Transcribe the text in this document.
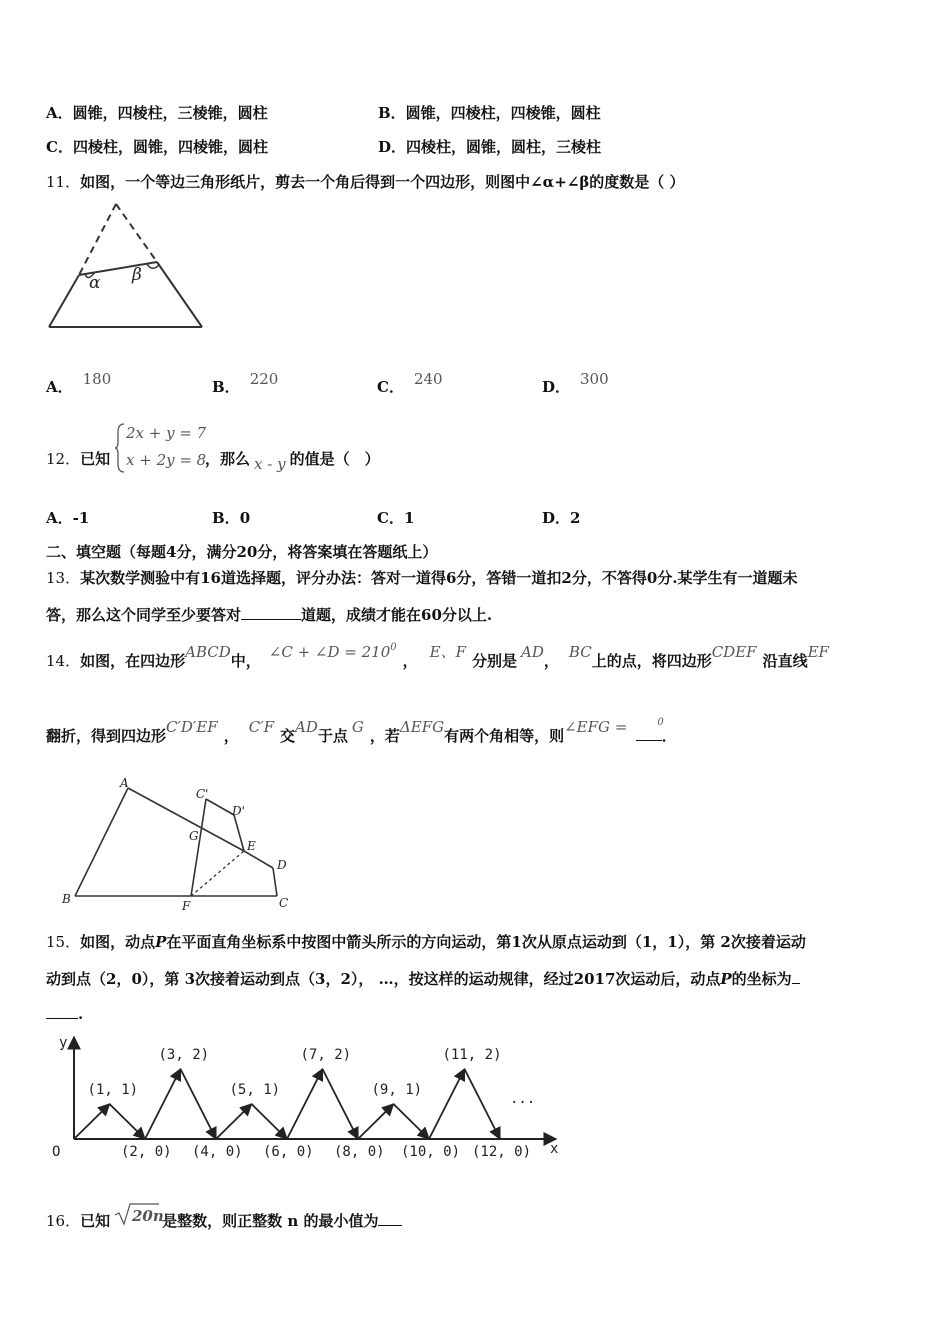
A．圆锥，四棱柱，三棱锥，圆柱	B．圆锥，四棱柱，四棱锥，圆柱
C．四棱柱，圆锥，四棱锥，圆柱	D．四棱柱，圆锥，圆柱，三棱柱
11．如图，一个等边三角形纸片，剪去一个角后得到一个四边形，则图中∠α+∠β的度数是（ ）
α β
A． 180	B． 220	C． 240	D． 300
12．已知
2x + y = 7
x + 2y = 8
，那么 x - y 的值是（　）
A．-1	B．0	C．1	D．2
二、填空题（每题4分，满分20分，将答案填在答题纸上）
13．某次数学测验中有16道选择题，评分办法：答对一道得6分，答错一道扣2分，不答得0分.某学生有一道题未
答，那么这个同学至少要答对	道题，成绩才能在60分以上.
14．如图，在四边形ABCD中， ∠C + ∠D = $210^0$， E、F 分别是 AD， BC上的点，将四边形CDEF 沿直线EF
翻折，得到四边形C′D′EF ， C′F 交AD于点 G ，若ΔEFG有两个角相等，则∠EFG =	$^0$．
A
B	C
D
E
F
G
C'
D'
15．如图，动点P在平面直角坐标系中按图中箭头所示的方向运动，第1次从原点运动到（1，1），第 2次接着运动
动到点（2，0），第 3次接着运动到点（3，2）， …，按这样的运动规律，经过2017次运动后，动点P的坐标为
.
y
x
O
...
(1, 1)
(3, 2)
(5, 1)
(7, 2)
(9, 1)
(11, 2)
(2, 0) (4, 0) (6, 0) (8, 0) (10, 0) (12, 0)
16．已知 20n
是整数，则正整数 n 的最小值为
